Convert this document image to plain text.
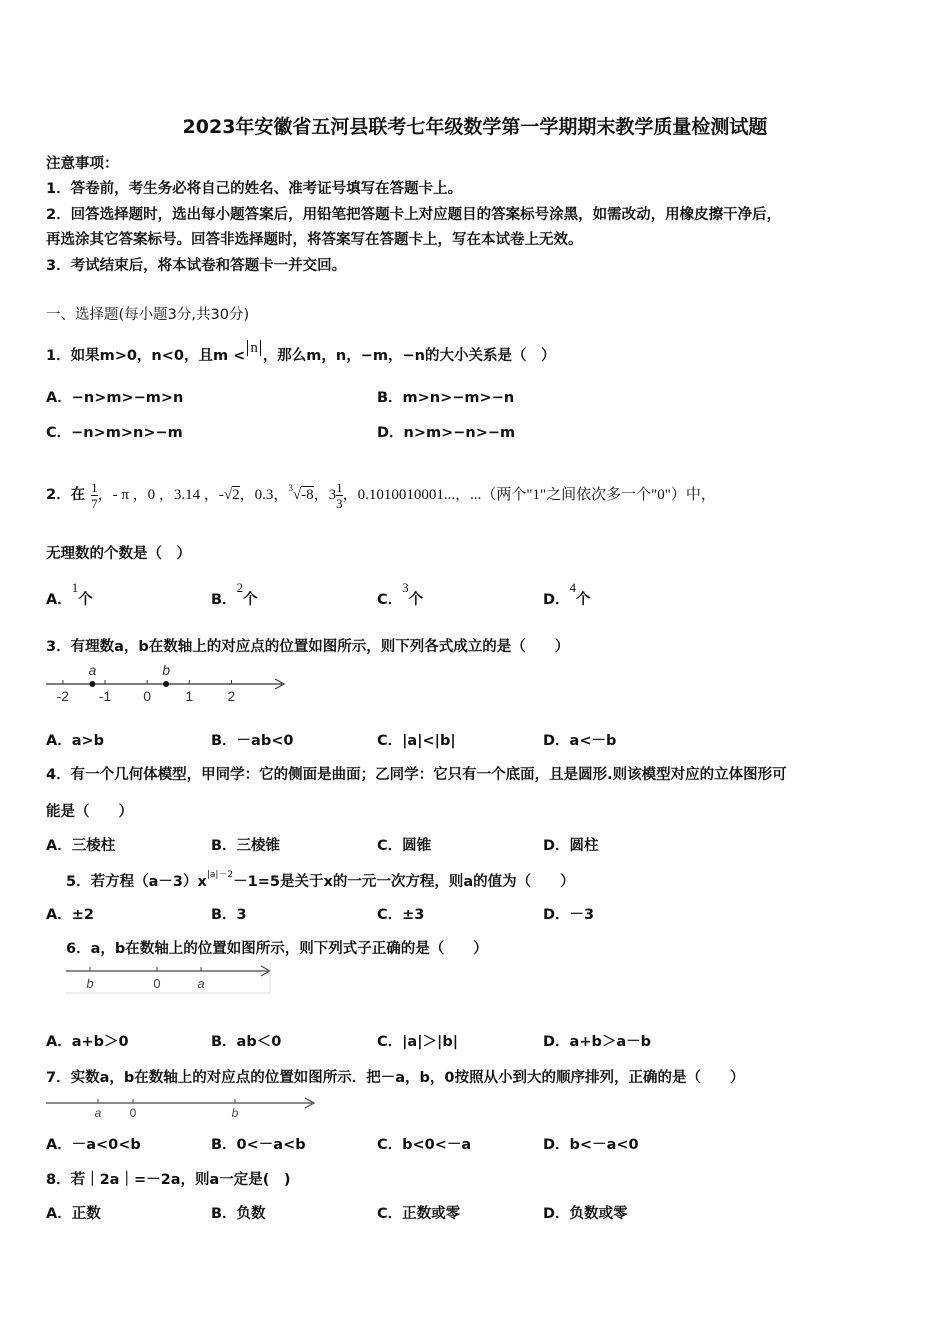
2023年安徽省五河县联考七年级数学第一学期期末教学质量检测试题
注意事项：
1．答卷前，考生务必将自己的姓名、准考证号填写在答题卡上。
2．回答选择题时，选出每小题答案后，用铅笔把答题卡上对应题目的答案标号涂黑，如需改动，用橡皮擦干净后，
再选涂其它答案标号。回答非选择题时，将答案写在答题卡上，写在本试卷上无效。
3．考试结束后，将本试卷和答题卡一并交回。
一、选择题(每小题3分,共30分)
1．如果m>0，n<0，且m < n ，那么m，n，−m，−n的大小关系是（　）
A．−n>m>−m>n	B．m>n>−m>−n
C．−n>m>n>−m	D．n>m>−n>−m
2．在 $\frac{1}{7}$ ，- π ，0 ，3.14 ，-√2，0.3，$^3$√-8，$3 \frac{1}{3}$ ，0.1010010001...，...（两个"1"之间依次多一个"0"）中，
无理数的个数是（　）
A．1个	B．2个	C．3个	D．4个
3．有理数a，b在数轴上的对应点的位置如图所示，则下列各式成立的是（　　）
-2 -1 0 1 2
a	b
A．a>b	B．－ab<0	C．|a|<|b|	D．a<－b
4．有一个几何体模型，甲同学：它的侧面是曲面；乙同学：它只有一个底面，且是圆形.则该模型对应的立体图形可
能是（　　）
A．三棱柱	B．三棱锥	C．圆锥	D．圆柱
5．若方程$(a-3)x^{|a|-2}-1=5$是关于x的一元一次方程，则a的值为（　　）
A．±2	B．3	C．±3	D．－3
6．a，b在数轴上的位置如图所示，则下列式子正确的是（　　）
b	0	a
A．a+b＞0	B．ab＜0	C．|a|＞|b|	D．a+b＞a－b
7．实数a，b在数轴上的对应点的位置如图所示．把－a，b，0按照从小到大的顺序排列，正确的是（　　）
a 0	b
A．－a<0<b	B．0<－a<b	C．b<0<－a	D．b<－a<0
8．若｜2a｜=－2a，则a一定是(　)
A．正数	B．负数	C．正数或零	D．负数或零
